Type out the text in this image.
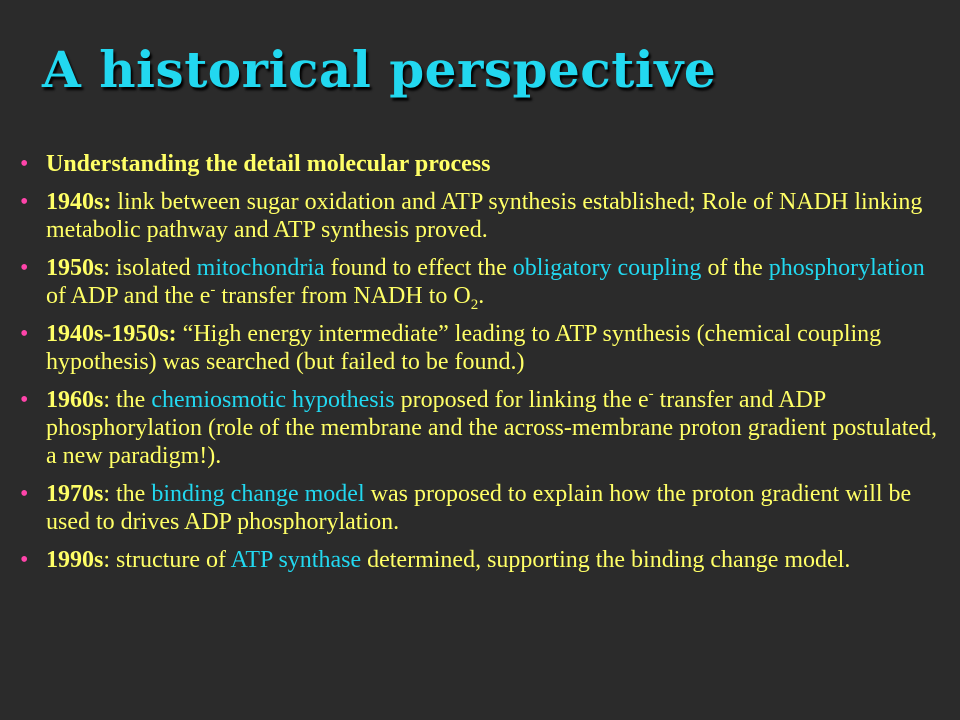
A historical perspective
• Understanding the detail molecular process
• 1940s: link between sugar oxidation and ATP synthesis established; Role of NADH linking metabolic pathway and ATP synthesis proved.
• 1950s: isolated mitochondria found to effect the obligatory coupling of the phosphorylation of ADP and the e- transfer from NADH to $O_2$.
• 1940s-1950s: “High energy intermediate” leading to ATP synthesis (chemical coupling hypothesis) was searched (but failed to be found.)
• 1960s: the chemiosmotic hypothesis proposed for linking the e- transfer and ADP phosphorylation (role of the membrane and the across-membrane proton gradient postulated, a new paradigm!).
• 1970s: the binding change model was proposed to explain how the proton gradient will be used to drives ADP phosphorylation.
• 1990s: structure of ATP synthase determined, supporting the binding change model.
